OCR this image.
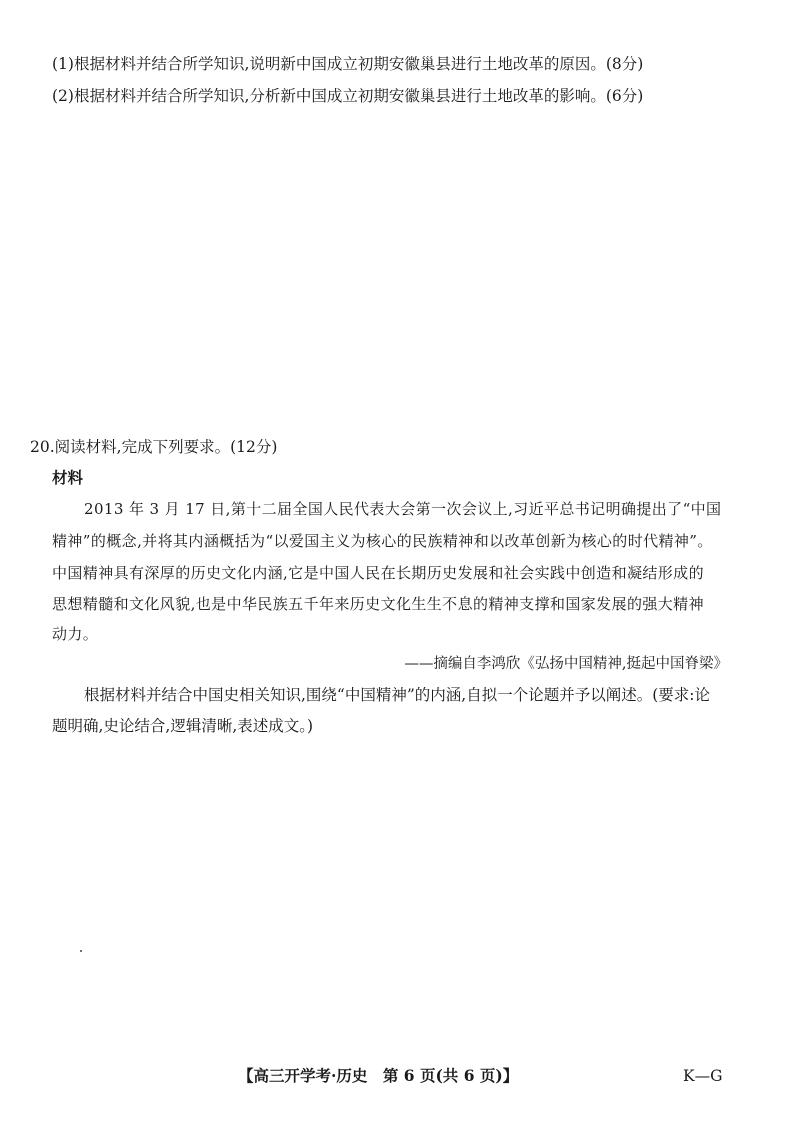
(1)根据材料并结合所学知识,说明新中国成立初期安徽巢县进行土地改革的原因。(8分)
(2)根据材料并结合所学知识,分析新中国成立初期安徽巢县进行土地改革的影响。(6分)
20.阅读材料,完成下列要求。(12分)
材料
2013 年 3 月 17 日,第十二届全国人民代表大会第一次会议上,习近平总书记明确提出了“中国
精神”的概念,并将其内涵概括为“以爱国主义为核心的民族精神和以改革创新为核心的时代精神”。
中国精神具有深厚的历史文化内涵,它是中国人民在长期历史发展和社会实践中创造和凝结形成的
思想精髓和文化风貌,也是中华民族五千年来历史文化生生不息的精神支撑和国家发展的强大精神
动力。
——摘编自李鸿欣《弘扬中国精神,挺起中国脊梁》
根据材料并结合中国史相关知识,围绕“中国精神”的内涵,自拟一个论题并予以阐述。(要求:论
题明确,史论结合,逻辑清晰,表述成文。)
【高三开学考·历史　第 6 页(共 6 页)】	K—G
